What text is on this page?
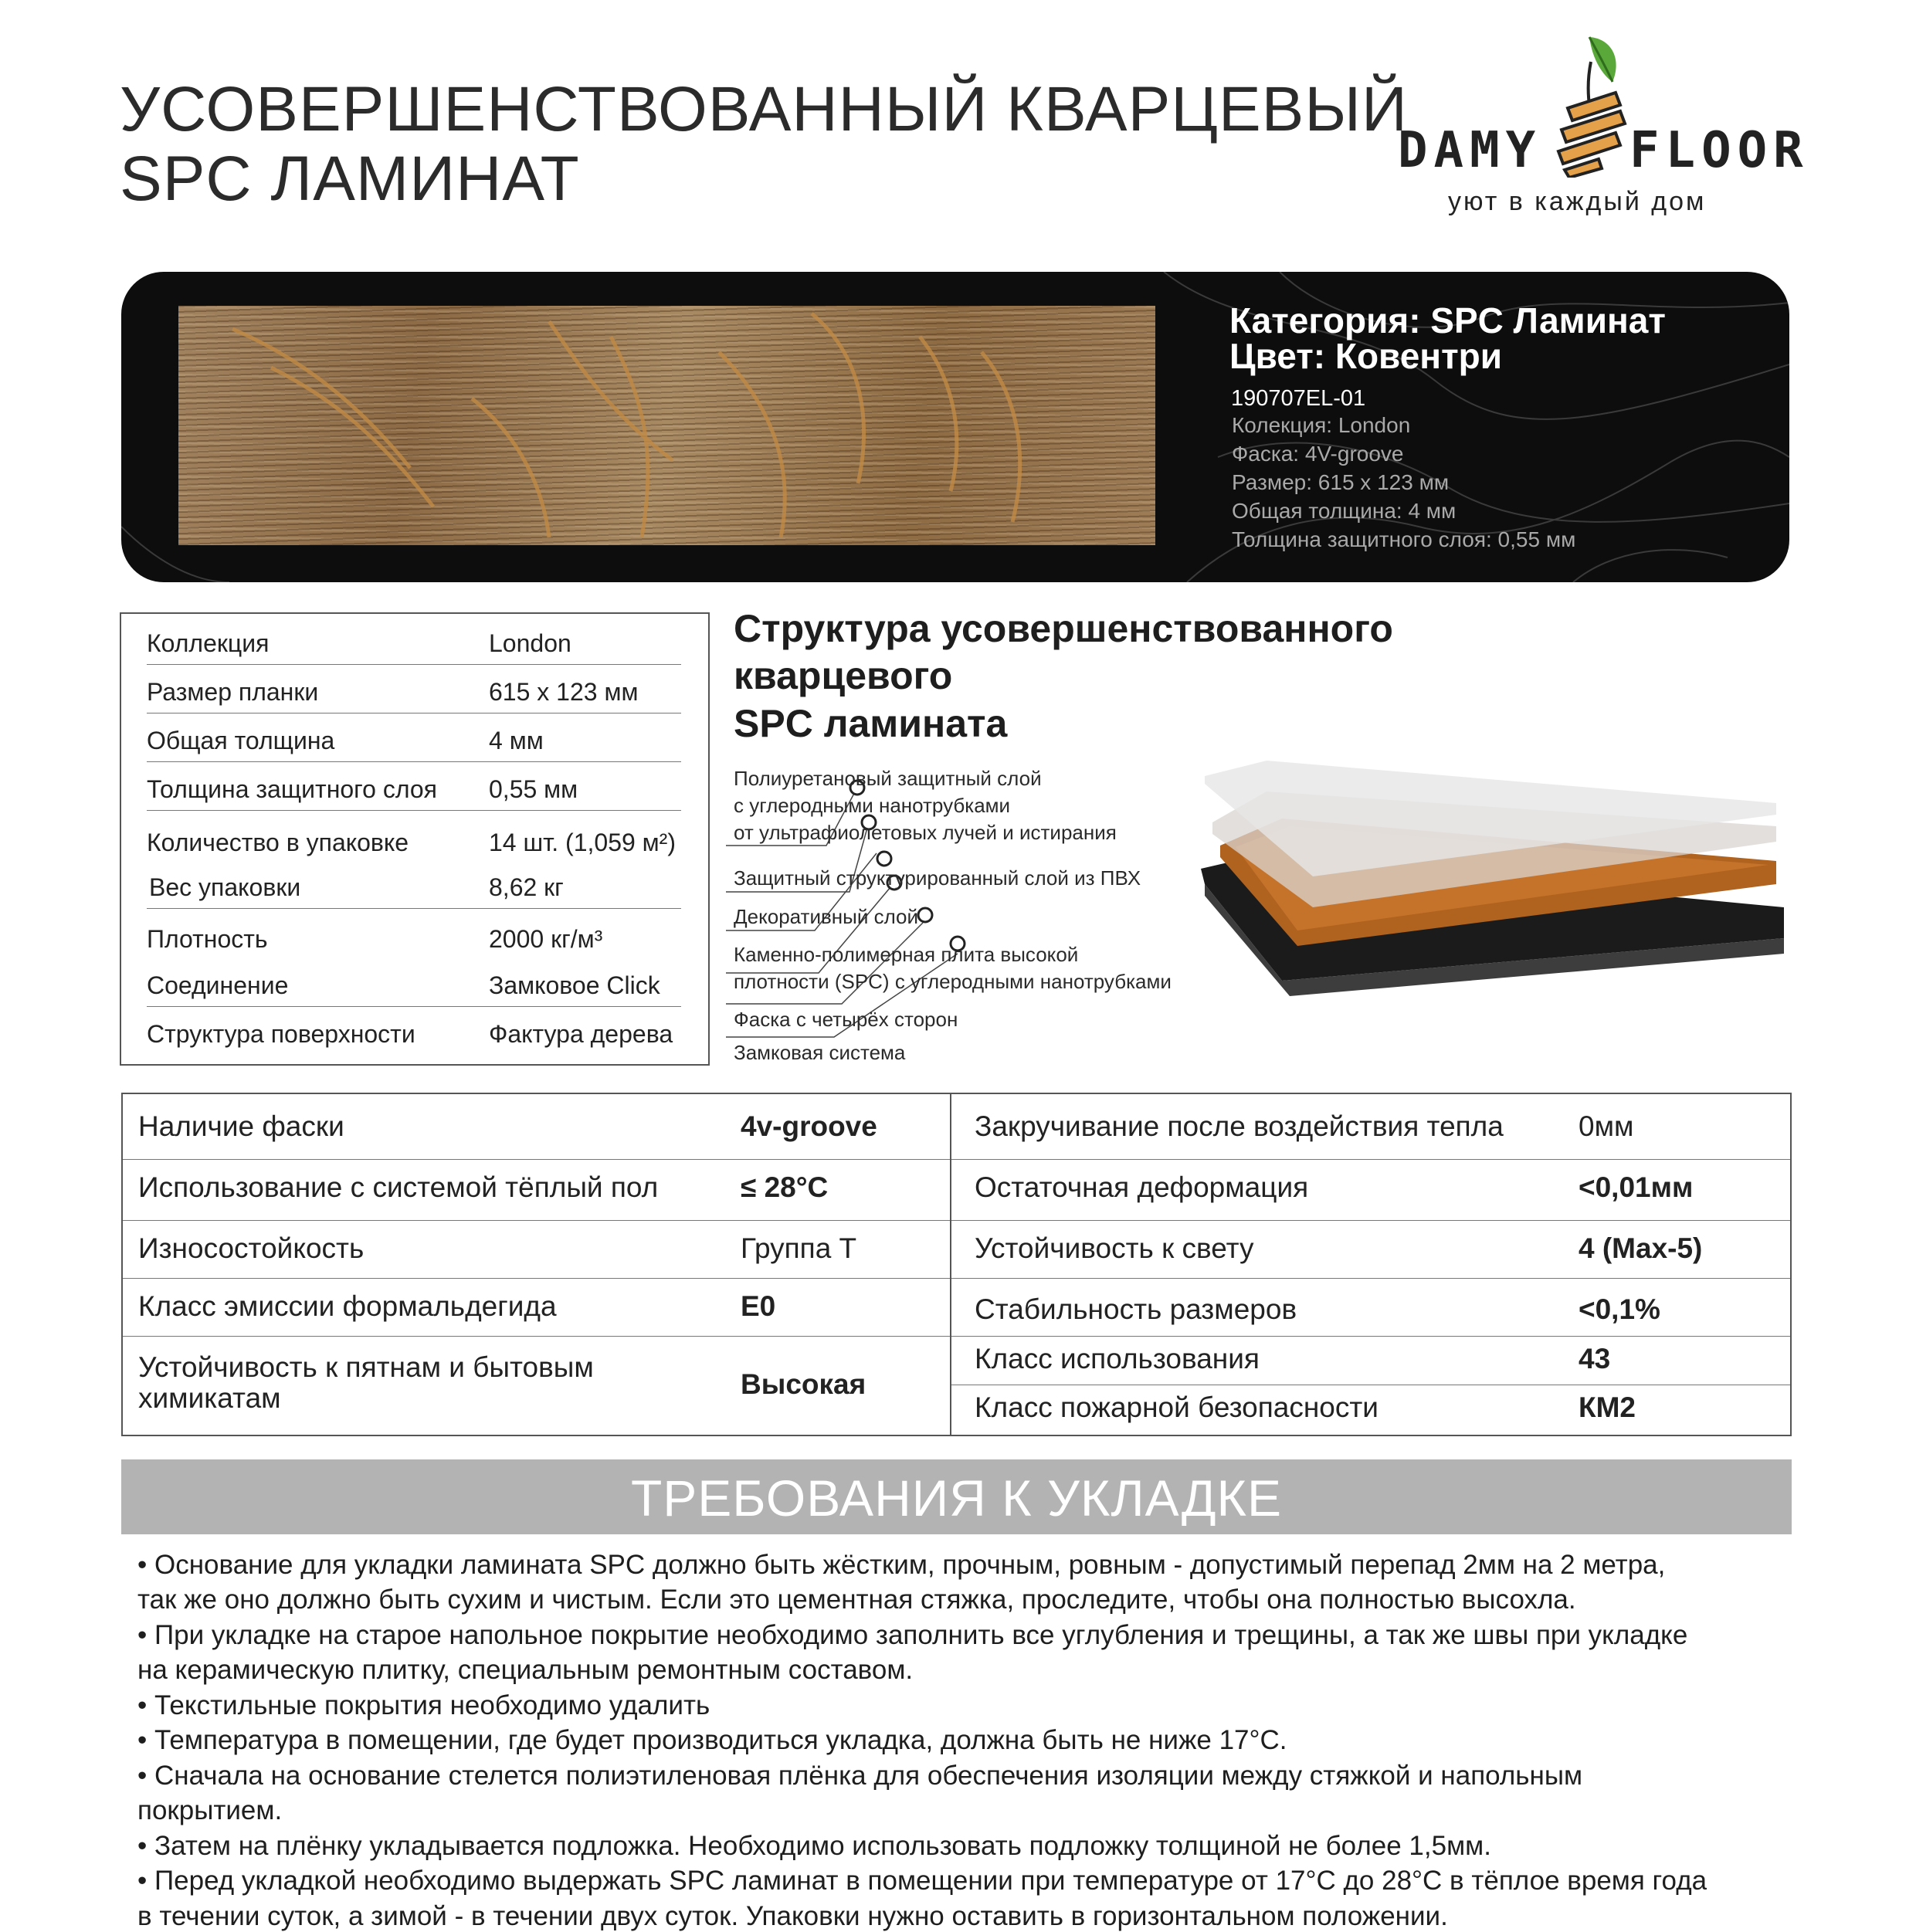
УСОВЕРШЕНСТВОВАННЫЙ КВАРЦЕВЫЙ
SPC ЛАМИНАТ	DAMY FLOOR
уют в каждый дом
Категория: SPC Ламинат
Цвет: Ковентри
190707EL-01
Колекция: London
Фаска: 4V-groove
Размер: 615 х 123 мм
Общая толщина: 4 мм
Толщина защитного слоя: 0,55 мм
Коллекция	London
Размер планки	615 х 123 мм
Общая толщина	4 мм
Толщина защитного слоя 0,55 мм
Количество в упаковке	14 шт. (1,059 м²)
Вес упаковки	8,62 кг
Плотность	2000 кг/м³
Соединение	Замковое Click
Структура поверхности	Фактура дерева
Структура усовершенствованного
кварцевого
SPC ламината
Полиуретановый защитный слой
с углеродными нанотрубками
от ультрафиолетовых лучей и истирания
Защитный структурированный слой из ПВХ
Декоративный слой
Каменно-полимерная плита высокой
плотности (SPC) с углеродными нанотрубками
Фаска с четырёх сторон
Замковая система
Наличие фаски	4v-groove
Использование с системой тёплый пол	≤ 28°С
Износостойкость	Группа Т
Класс эмиссии формальдегида	Е0
Устойчивость к пятнам и бытовым
химикатам	Высокая
Закручивание после воздействия тепла	0мм
Остаточная деформация	<0,01мм
Устойчивость к свету	4 (Max-5)
Стабильность размеров	<0,1%
Класс использования	43
Класс пожарной безопасности	КМ2
ТРЕБОВАНИЯ К УКЛАДКЕ
• Основание для укладки ламината SPC должно быть жёстким, прочным, ровным - допустимый перепад 2мм на 2 метра,
так же оно должно быть сухим и чистым. Если это цементная стяжка, проследите, чтобы она полностью высохла.
• При укладке на старое напольное покрытие необходимо заполнить все углубления и трещины, а так же швы при укладке
на керамическую плитку, специальным ремонтным составом.
• Текстильные покрытия необходимо удалить
• Температура в помещении, где будет производиться укладка, должна быть не ниже 17°С.
• Сначала на основание стелется полиэтиленовая плёнка для обеспечения изоляции между стяжкой и напольным
покрытием.
• Затем на плёнку укладывается подложка. Необходимо использовать подложку толщиной не более 1,5мм.
• Перед укладкой необходимо выдержать SPC ламинат в помещении при температуре от 17°С до 28°С в тёплое время года
в течении суток, а зимой - в течении двух суток. Упаковки нужно оставить в горизонтальном положении.
